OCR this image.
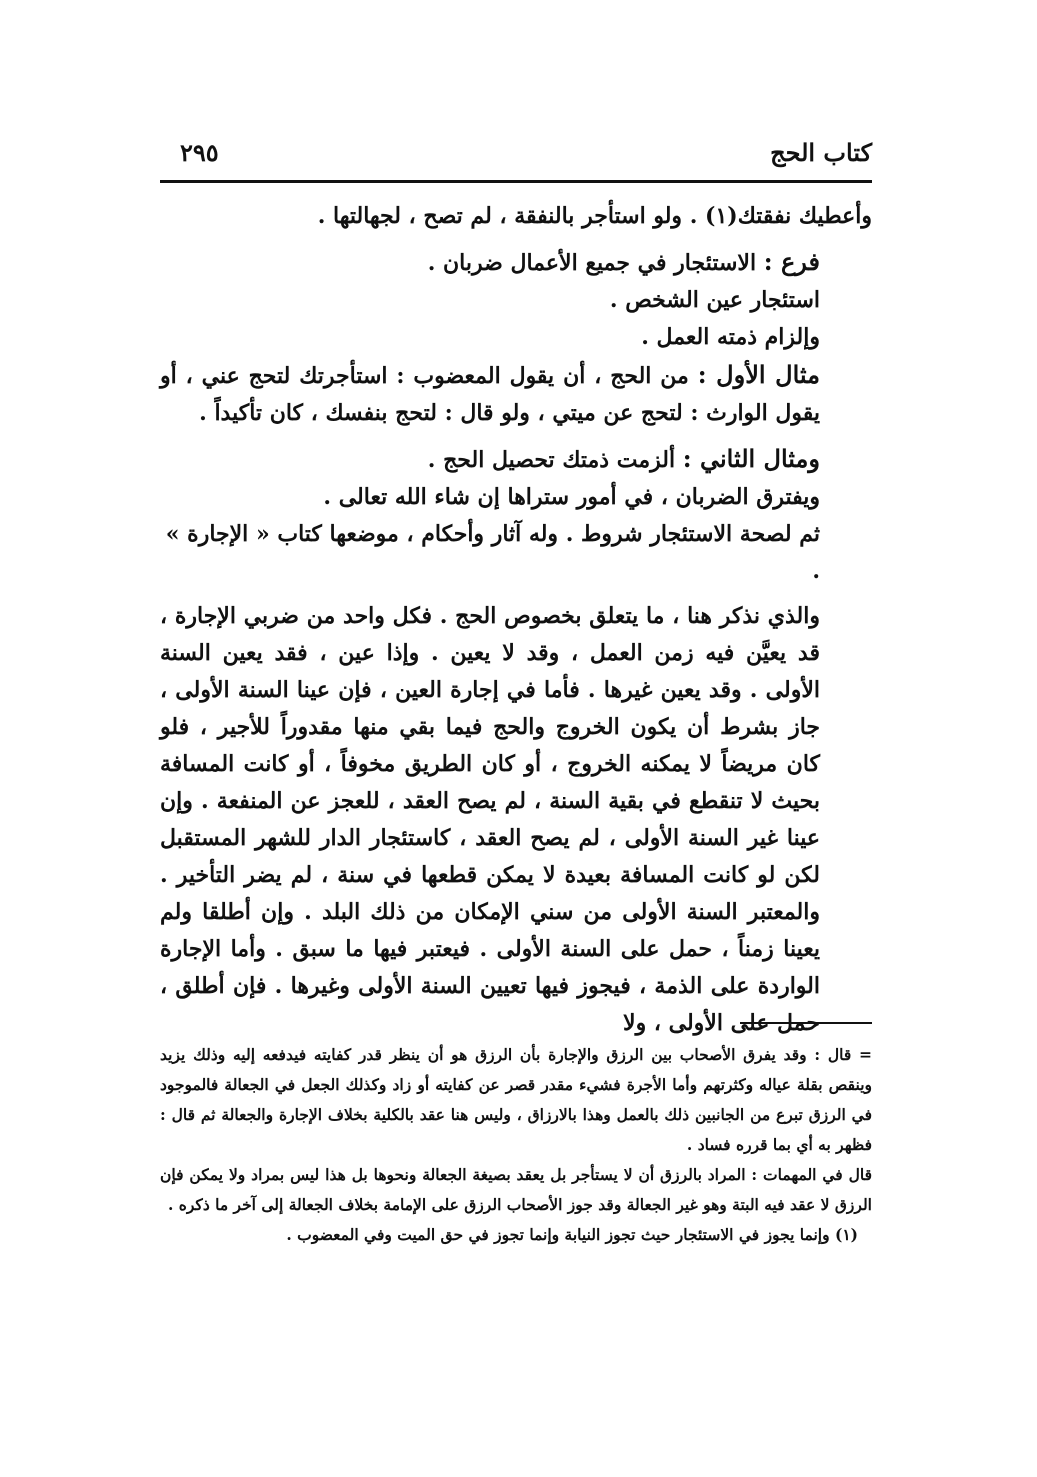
كتاب الحج
٢٩٥

وأعطيك نفقتك(١) . ولو استأجر بالنفقة ، لم تصح ، لجهالتها .

فرع : الاستئجار في جميع الأعمال ضربان .

استئجار عين الشخص .

وإلزام ذمته العمل .

مثال الأول : من الحج ، أن يقول المعضوب : استأجرتك لتحج عني ، أو يقول الوارث : لتحج عن ميتي ، ولو قال : لتحج بنفسك ، كان تأكيداً .

ومثال الثاني : ألزمت ذمتك تحصيل الحج .

ويفترق الضربان ، في أمور ستراها إن شاء الله تعالى .

ثم لصحة الاستئجار شروط . وله آثار وأحكام ، موضعها كتاب « الإجارة » .

والذي نذكر هنا ، ما يتعلق بخصوص الحج . فكل واحد من ضربي الإجارة ، قد يعيَّن فيه زمن العمل ، وقد لا يعين . وإذا عين ، فقد يعين السنة الأولى . وقد يعين غيرها . فأما في إجارة العين ، فإن عينا السنة الأولى ، جاز بشرط أن يكون الخروج والحج فيما بقي منها مقدوراً للأجير ، فلو كان مريضاً لا يمكنه الخروج ، أو كان الطريق مخوفاً ، أو كانت المسافة بحيث لا تنقطع في بقية السنة ، لم يصح العقد ، للعجز عن المنفعة . وإن عينا غير السنة الأولى ، لم يصح العقد ، كاستئجار الدار للشهر المستقبل لكن لو كانت المسافة بعيدة لا يمكن قطعها في سنة ، لم يضر التأخير . والمعتبر السنة الأولى من سني الإمكان من ذلك البلد . وإن أطلقا ولم يعينا زمناً ، حمل على السنة الأولى . فيعتبر فيها ما سبق . وأما الإجارة الواردة على الذمة ، فيجوز فيها تعيين السنة الأولى وغيرها . فإن أطلق ، حمل على الأولى ، ولا

= قال : وقد يفرق الأصحاب بين الرزق والإجارة بأن الرزق هو أن ينظر قدر كفايته فيدفعه إليه وذلك يزيد وينقص بقلة عياله وكثرتهم وأما الأجرة فشيء مقدر قصر عن كفايته أو زاد وكذلك الجعل في الجعالة فالموجود في الرزق تبرع من الجانبين ذلك بالعمل وهذا بالارزاق ، وليس هنا عقد بالكلية بخلاف الإجارة والجعالة ثم قال : فظهر به أي بما قرره فساد .

قال في المهمات : المراد بالرزق أن لا يستأجر بل يعقد بصيغة الجعالة ونحوها بل هذا ليس بمراد ولا يمكن فإن الرزق لا عقد فيه البتة وهو غير الجعالة وقد جوز الأصحاب الرزق على الإمامة بخلاف الجعالة إلى آخر ما ذكره .

(١) وإنما يجوز في الاستئجار حيث تجوز النيابة وإنما تجوز في حق الميت وفي المعضوب .
